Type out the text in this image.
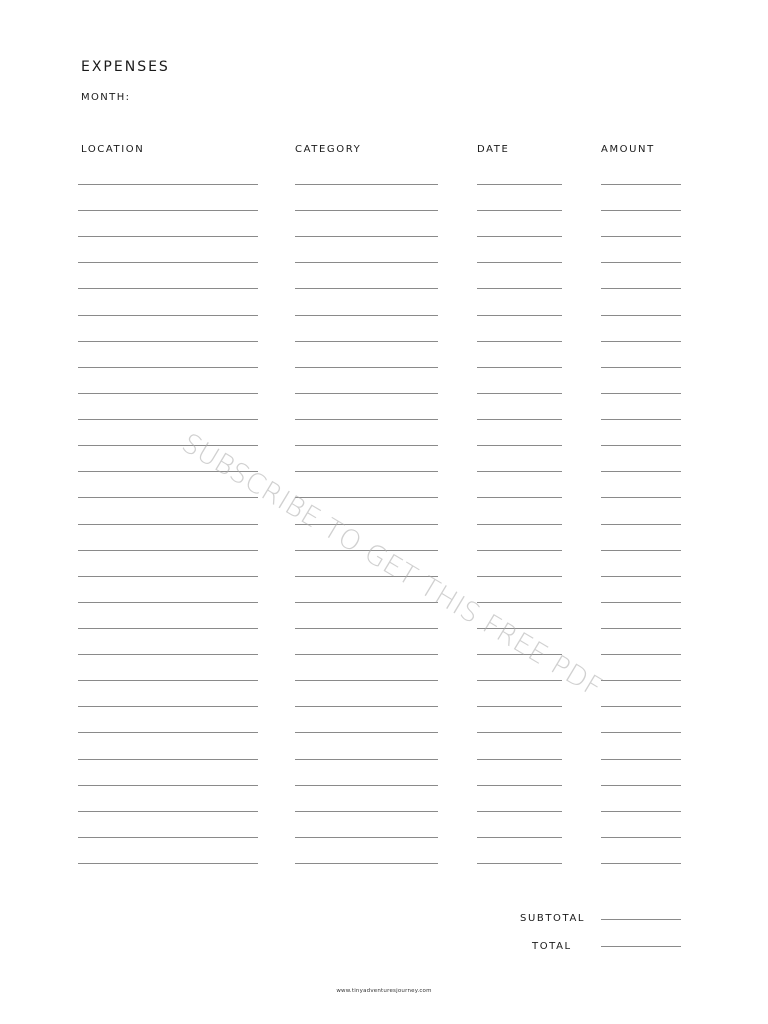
EXPENSES
MONTH:
LOCATION	CATEGORY	DATE	AMOUNT
SUBTOTAL
TOTAL
www.tinyadventuresjourney.com
SUBSCRIBE TO GET THIS FREE PDF
